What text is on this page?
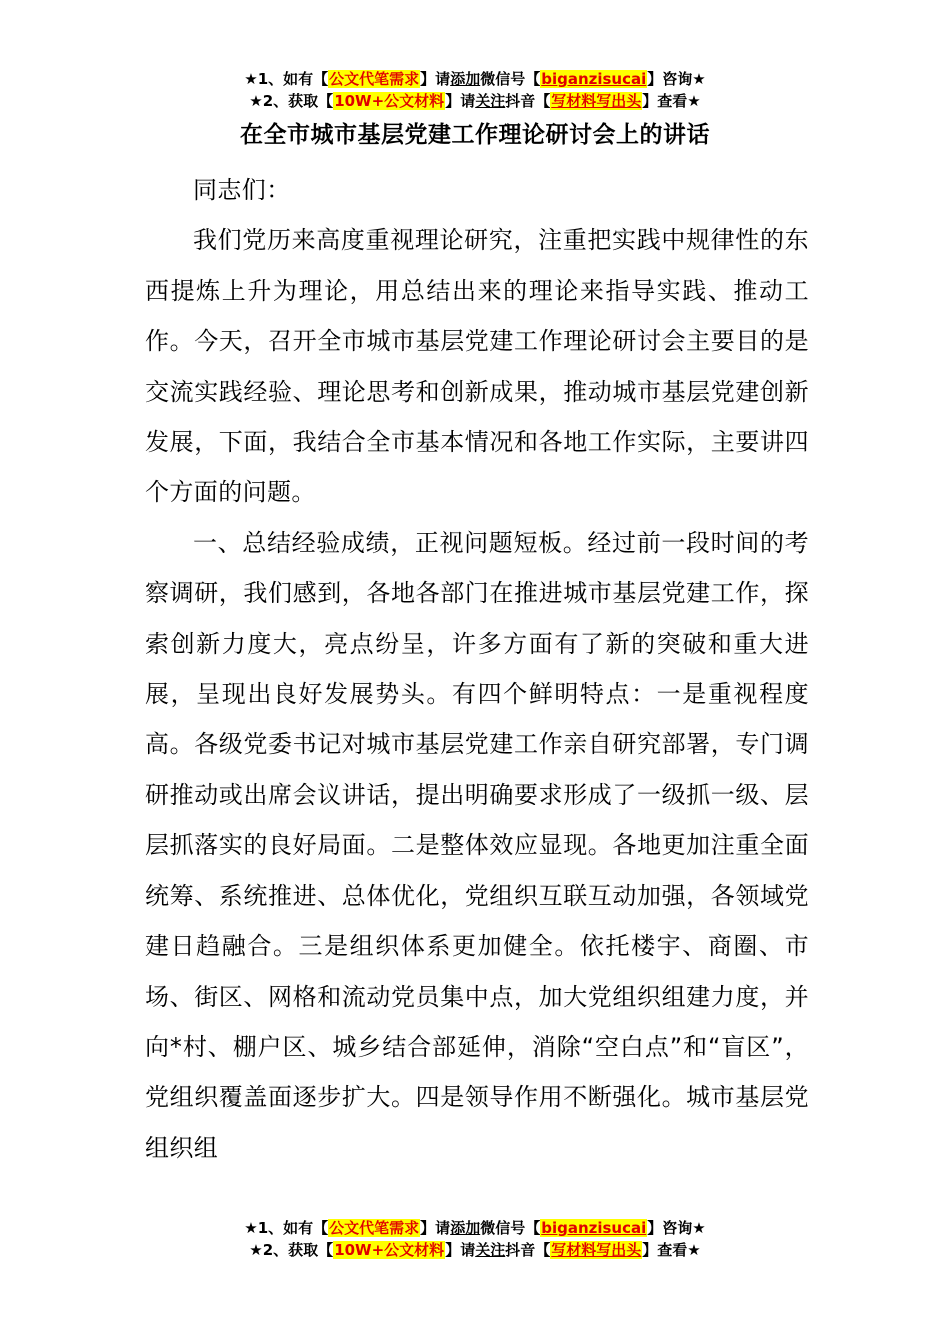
★1、如有【公文代笔需求】请添加微信号【biganzisucai】咨询★
★2、获取【10W+公文材料】请关注抖音【写材料写出头】查看★
在全市城市基层党建工作理论研讨会上的讲话

同志们：

我们党历来高度重视理论研究，注重把实践中规律性的东西提炼上升为理论，用总结出来的理论来指导实践、推动工作。今天，召开全市城市基层党建工作理论研讨会主要目的是交流实践经验、理论思考和创新成果，推动城市基层党建创新发展，下面，我结合全市基本情况和各地工作实际，主要讲四个方面的问题。

一、总结经验成绩，正视问题短板。经过前一段时间的考察调研，我们感到，各地各部门在推进城市基层党建工作，探索创新力度大，亮点纷呈，许多方面有了新的突破和重大进展，呈现出良好发展势头。有四个鲜明特点：一是重视程度高。各级党委书记对城市基层党建工作亲自研究部署，专门调研推动或出席会议讲话，提出明确要求形成了一级抓一级、层层抓落实的良好局面。二是整体效应显现。各地更加注重全面统筹、系统推进、总体优化，党组织互联互动加强，各领域党建日趋融合。三是组织体系更加健全。依托楼宇、商圈、市场、街区、网格和流动党员集中点，加大党组织组建力度，并向*村、棚户区、城乡结合部延伸，消除“空白点”和“盲区”，党组织覆盖面逐步扩大。四是领导作用不断强化。城市基层党组织组

★1、如有【公文代笔需求】请添加微信号【biganzisucai】咨询★
★2、获取【10W+公文材料】请关注抖音【写材料写出头】查看★
